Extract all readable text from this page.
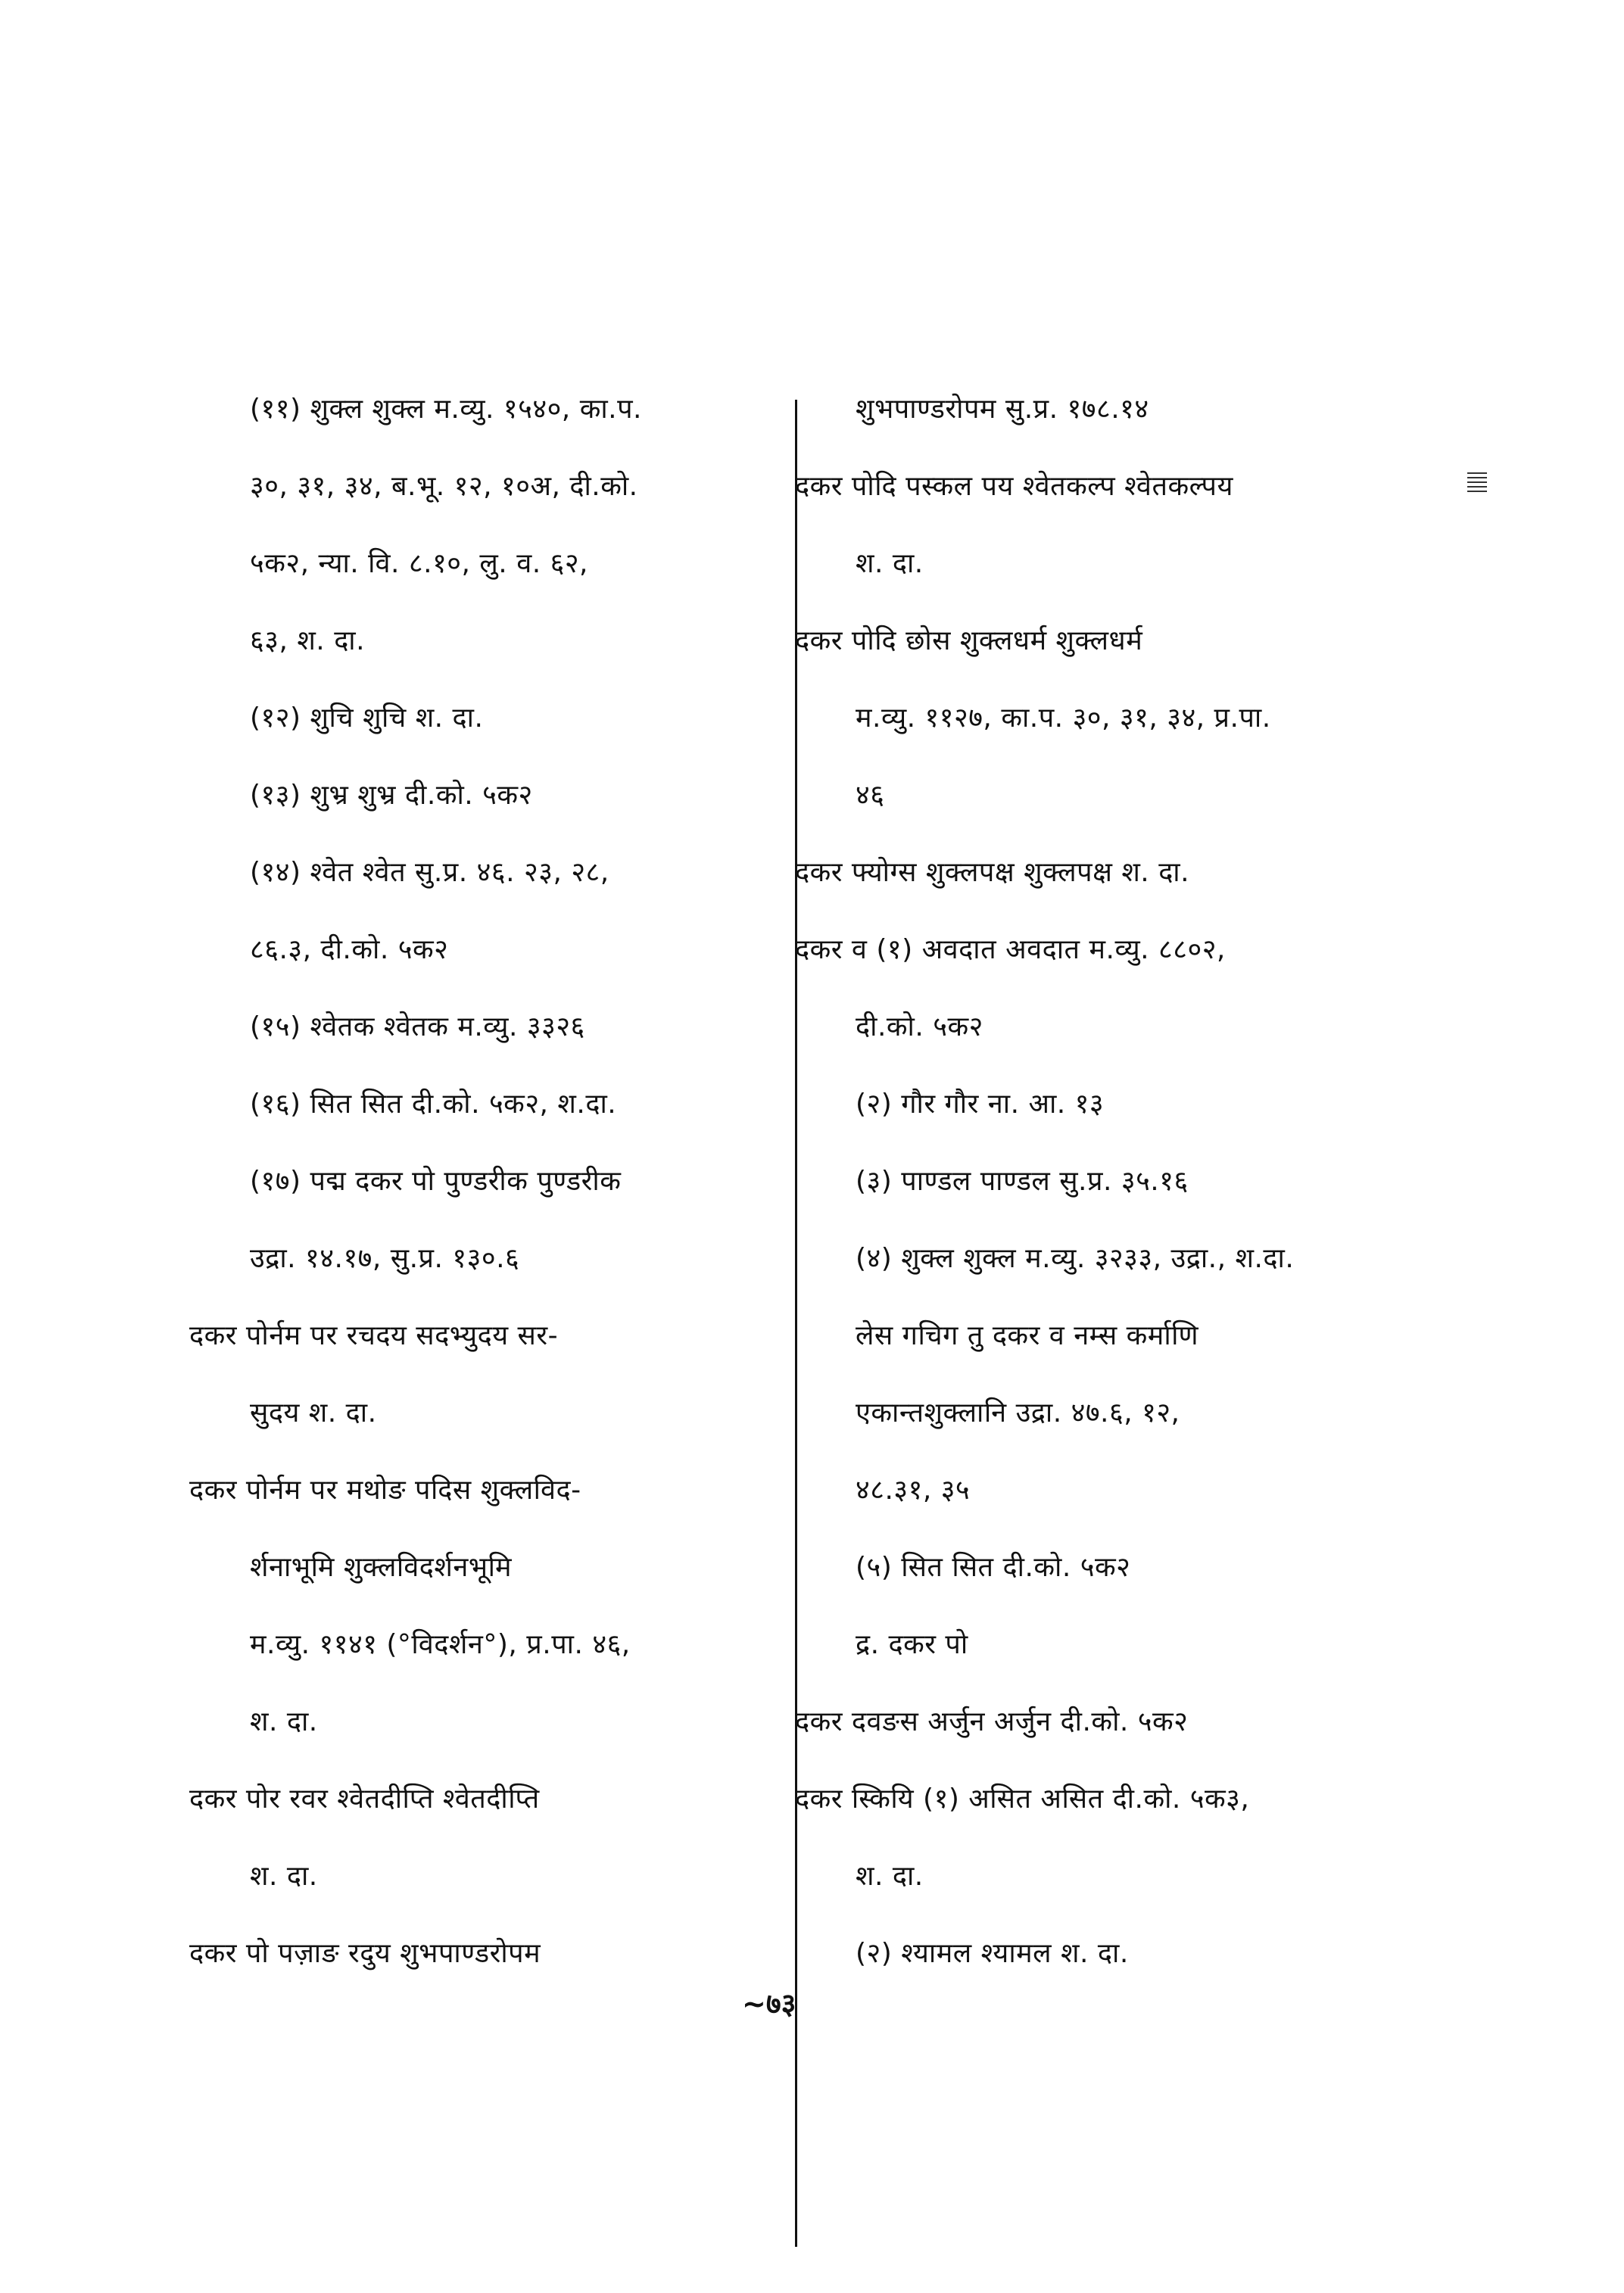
(११) शुक्ल शुक्ल म.व्यु. १५४०, का.प.
३०, ३१, ३४, ब.भू. १२, १०अ, दी.को.
५क२, न्या. वि. ८.१०, लु. व. ६२,
६३, श. दा.
(१२) शुचि शुचि श. दा.
(१३) शुभ्र शुभ्र दी.को. ५क२
(१४) श्वेत श्वेत सु.प्र. ४६. २३, २८,
८६.३, दी.को. ५क२
(१५) श्वेतक श्वेतक म.व्यु. ३३२६
(१६) सित सित दी.को. ५क२, श.दा.
(१७) पद्म दकर पो पुण्डरीक पुण्डरीक
उद्रा. १४.१७, सु.प्र. १३०.६
दकर पोर्नम पर रचदय सदभ्युदय सर-
सुदय श. दा.
दकर पोर्नम पर मथोङ पदिस शुक्लविद-
र्शनाभूमि शुक्लविदर्शनभूमि
म.व्यु. ११४१ (°विदर्शन°), प्र.पा. ४६,
श. दा.
दकर पोर रवर श्वेतदीप्ति श्वेतदीप्ति
श. दा.
दकर पो पज़ाङ रदुय शुभपाण्डरोपम
शुभपाण्डरोपम सु.प्र. १७८.१४
दकर पोदि पस्कल पय श्वेतकल्प श्वेतकल्पय
श. दा.
दकर पोदि छोस शुक्लधर्म शुक्लधर्म
म.व्यु. ११२७, का.प. ३०, ३१, ३४, प्र.पा.
४६
दकर फ्योग्स शुक्लपक्ष शुक्लपक्ष श. दा.
दकर व (१) अवदात अवदात म.व्यु. ८८०२,
दी.को. ५क२
(२) गौर गौर ना. आ. १३
(३) पाण्डल पाण्डल सु.प्र. ३५.१६
(४) शुक्ल शुक्ल म.व्यु. ३२३३, उद्रा., श.दा.
लेस गचिग तु दकर व नम्स कर्माणि
एकान्तशुक्लानि उद्रा. ४७.६, १२,
४८.३१, ३५
(५) सित सित दी.को. ५क२
द्र. दकर पो
दकर दवङस अर्जुन अर्जुन दी.को. ५क२
दकर स्कियि (१) असित असित दी.को. ५क३,
श. दा.
(२) श्यामल श्यामल श. दा.
~७३
